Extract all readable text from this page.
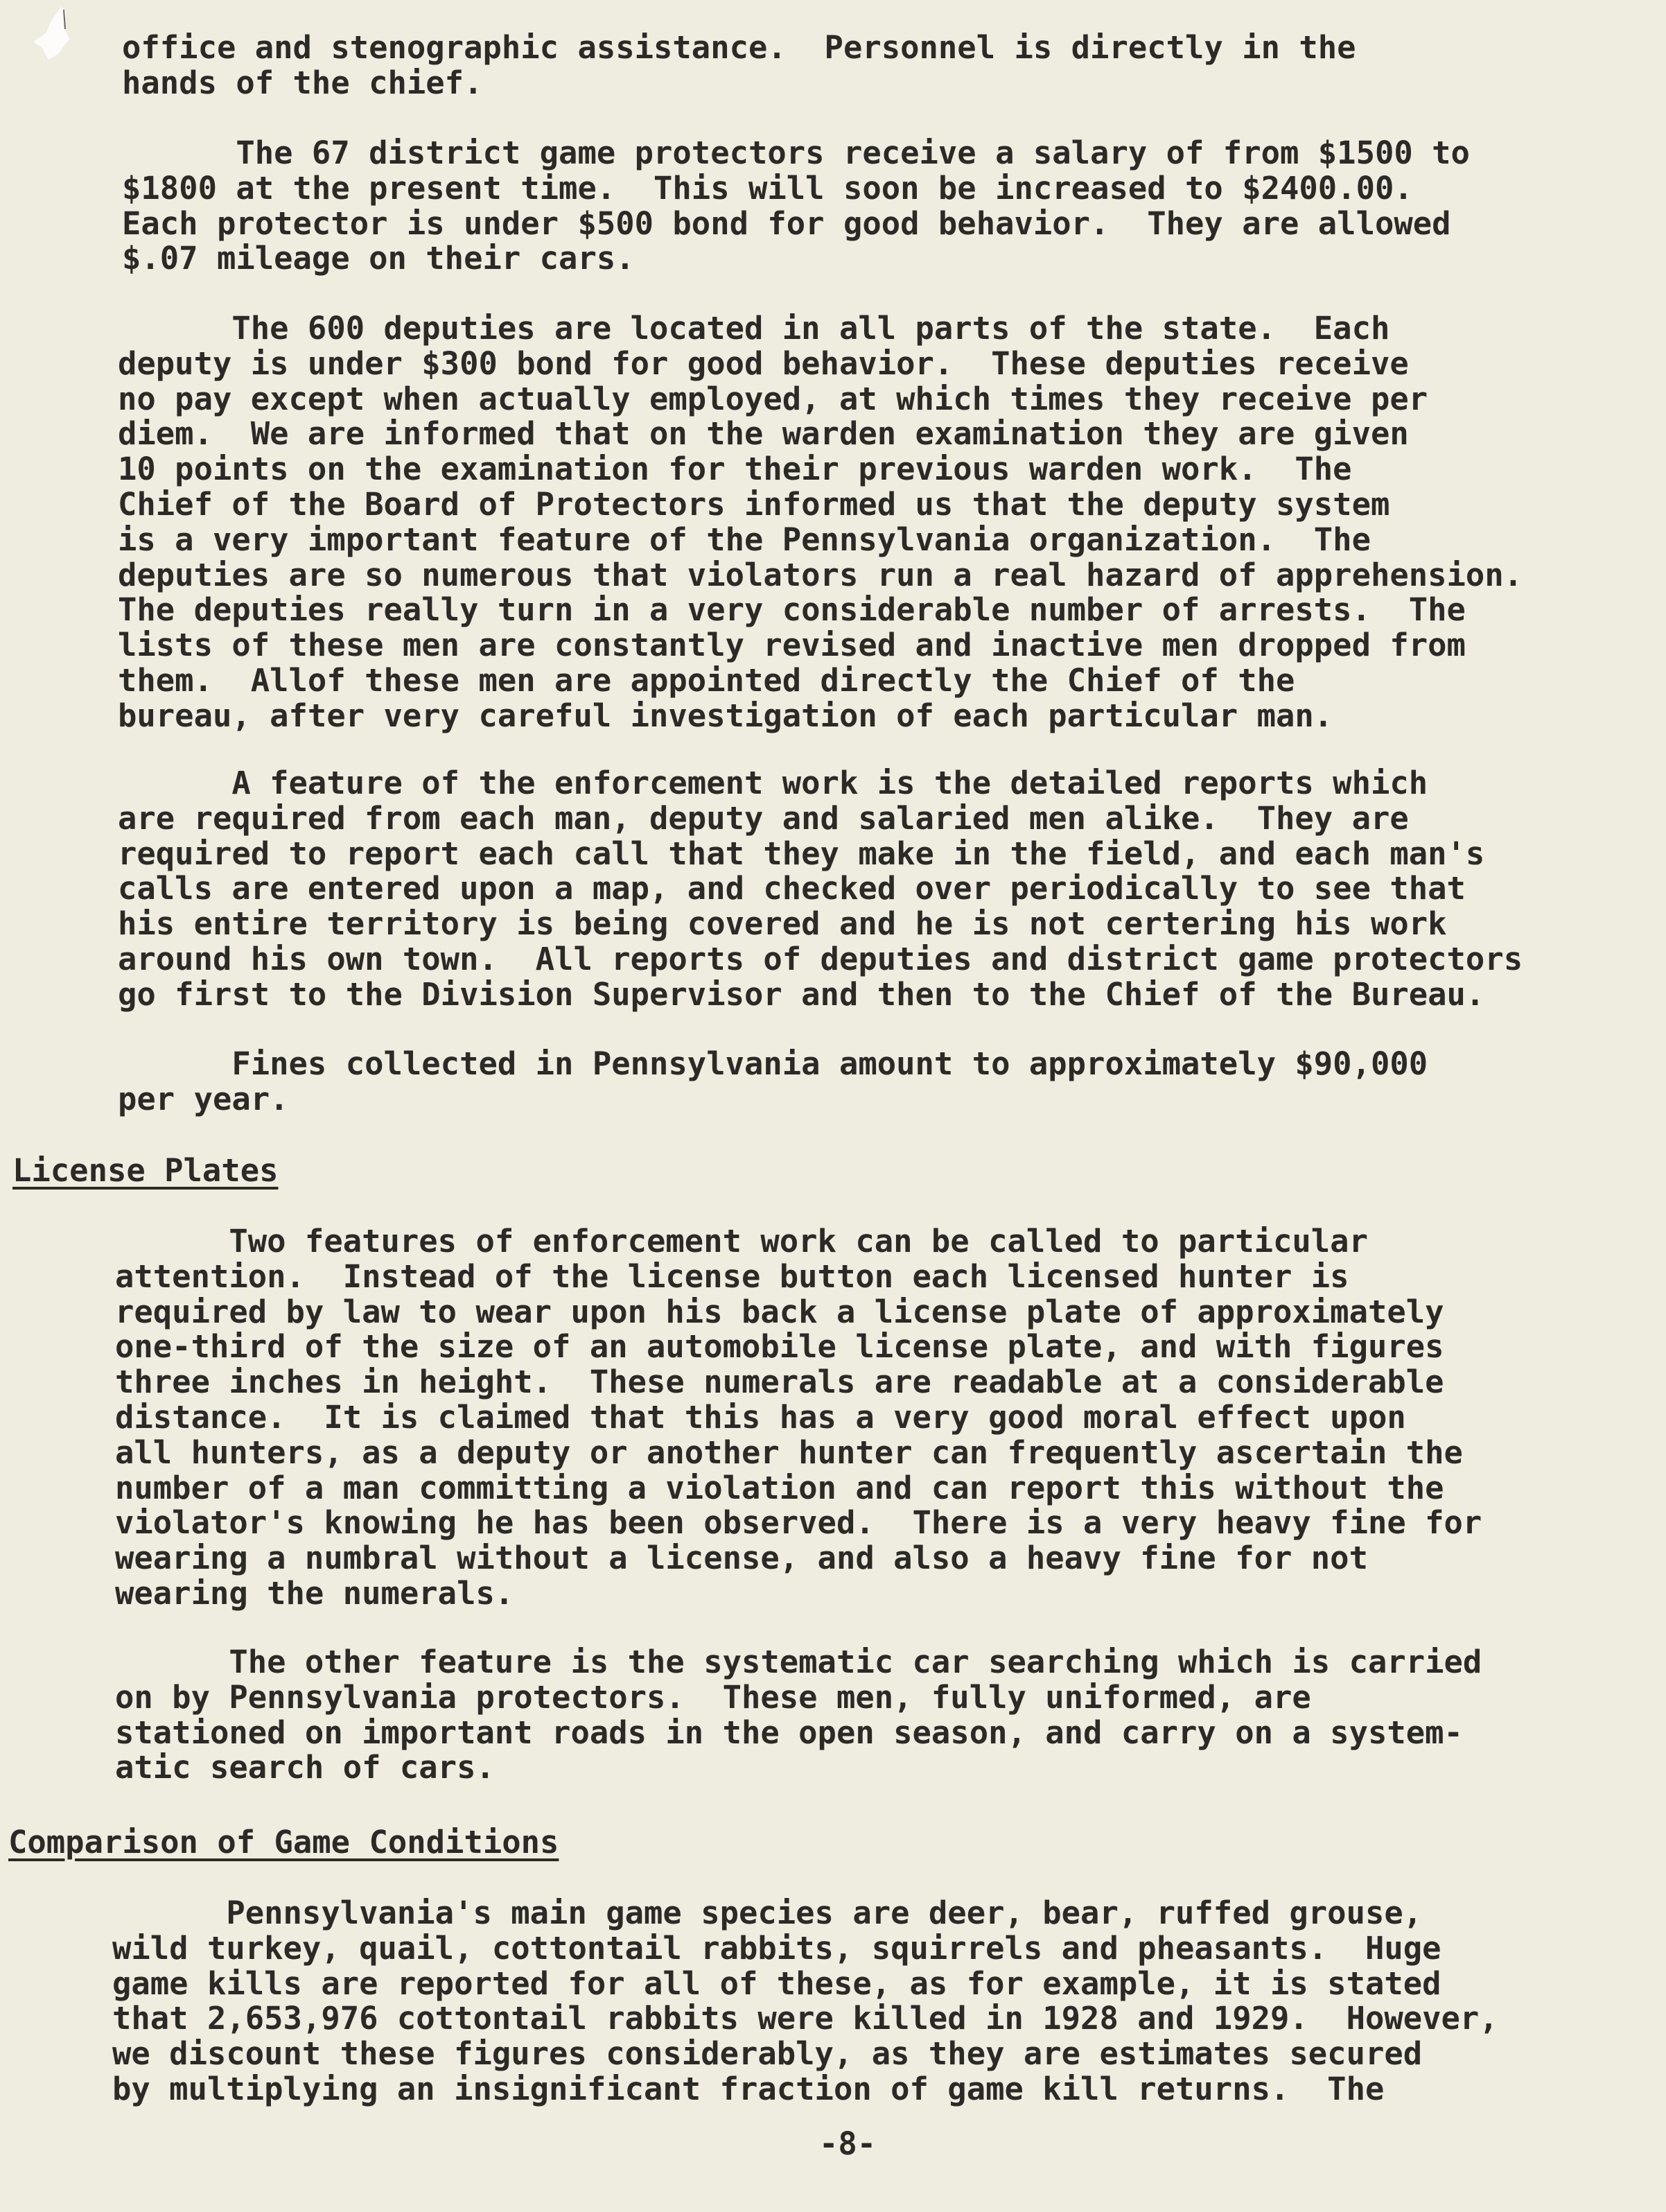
office and stenographic assistance.  Personnel is directly in the
hands of the chief.

The 67 district game protectors receive a salary of from $1500 to
$1800 at the present time.  This will soon be increased to $2400.00.
Each protector is under $500 bond for good behavior.  They are allowed
$.07 mileage on their cars.

The 600 deputies are located in all parts of the state.  Each
deputy is under $300 bond for good behavior.  These deputies receive
no pay except when actually employed, at which times they receive per
diem.  We are informed that on the warden examination they are given
10 points on the examination for their previous warden work.  The
Chief of the Board of Protectors informed us that the deputy system
is a very important feature of the Pennsylvania organization.  The
deputies are so numerous that violators run a real hazard of apprehension.
The deputies really turn in a very considerable number of arrests.  The
lists of these men are constantly revised and inactive men dropped from
them.  Allof these men are appointed directly the Chief of the
bureau, after very careful investigation of each particular man.

A feature of the enforcement work is the detailed reports which
are required from each man, deputy and salaried men alike.  They are
required to report each call that they make in the field, and each man's
calls are entered upon a map, and checked over periodically to see that
his entire territory is being covered and he is not certering his work
around his own town.  All reports of deputies and district game protectors
go first to the Division Supervisor and then to the Chief of the Bureau.

Fines collected in Pennsylvania amount to approximately $90,000
per year.

License Plates

Two features of enforcement work can be called to particular
attention.  Instead of the license button each licensed hunter is
required by law to wear upon his back a license plate of approximately
one-third of the size of an automobile license plate, and with figures
three inches in height.  These numerals are readable at a considerable
distance.  It is claimed that this has a very good moral effect upon
all hunters, as a deputy or another hunter can frequently ascertain the
number of a man committing a violation and can report this without the
violator's knowing he has been observed.  There is a very heavy fine for
wearing a numbral without a license, and also a heavy fine for not
wearing the numerals.

The other feature is the systematic car searching which is carried
on by Pennsylvania protectors.  These men, fully uniformed, are
stationed on important roads in the open season, and carry on a system-
atic search of cars.

Comparison of Game Conditions

Pennsylvania's main game species are deer, bear, ruffed grouse,
wild turkey, quail, cottontail rabbits, squirrels and pheasants.  Huge
game kills are reported for all of these, as for example, it is stated
that 2,653,976 cottontail rabbits were killed in 1928 and 1929.  However,
we discount these figures considerably, as they are estimates secured
by multiplying an insignificant fraction of game kill returns.  The

-8-
